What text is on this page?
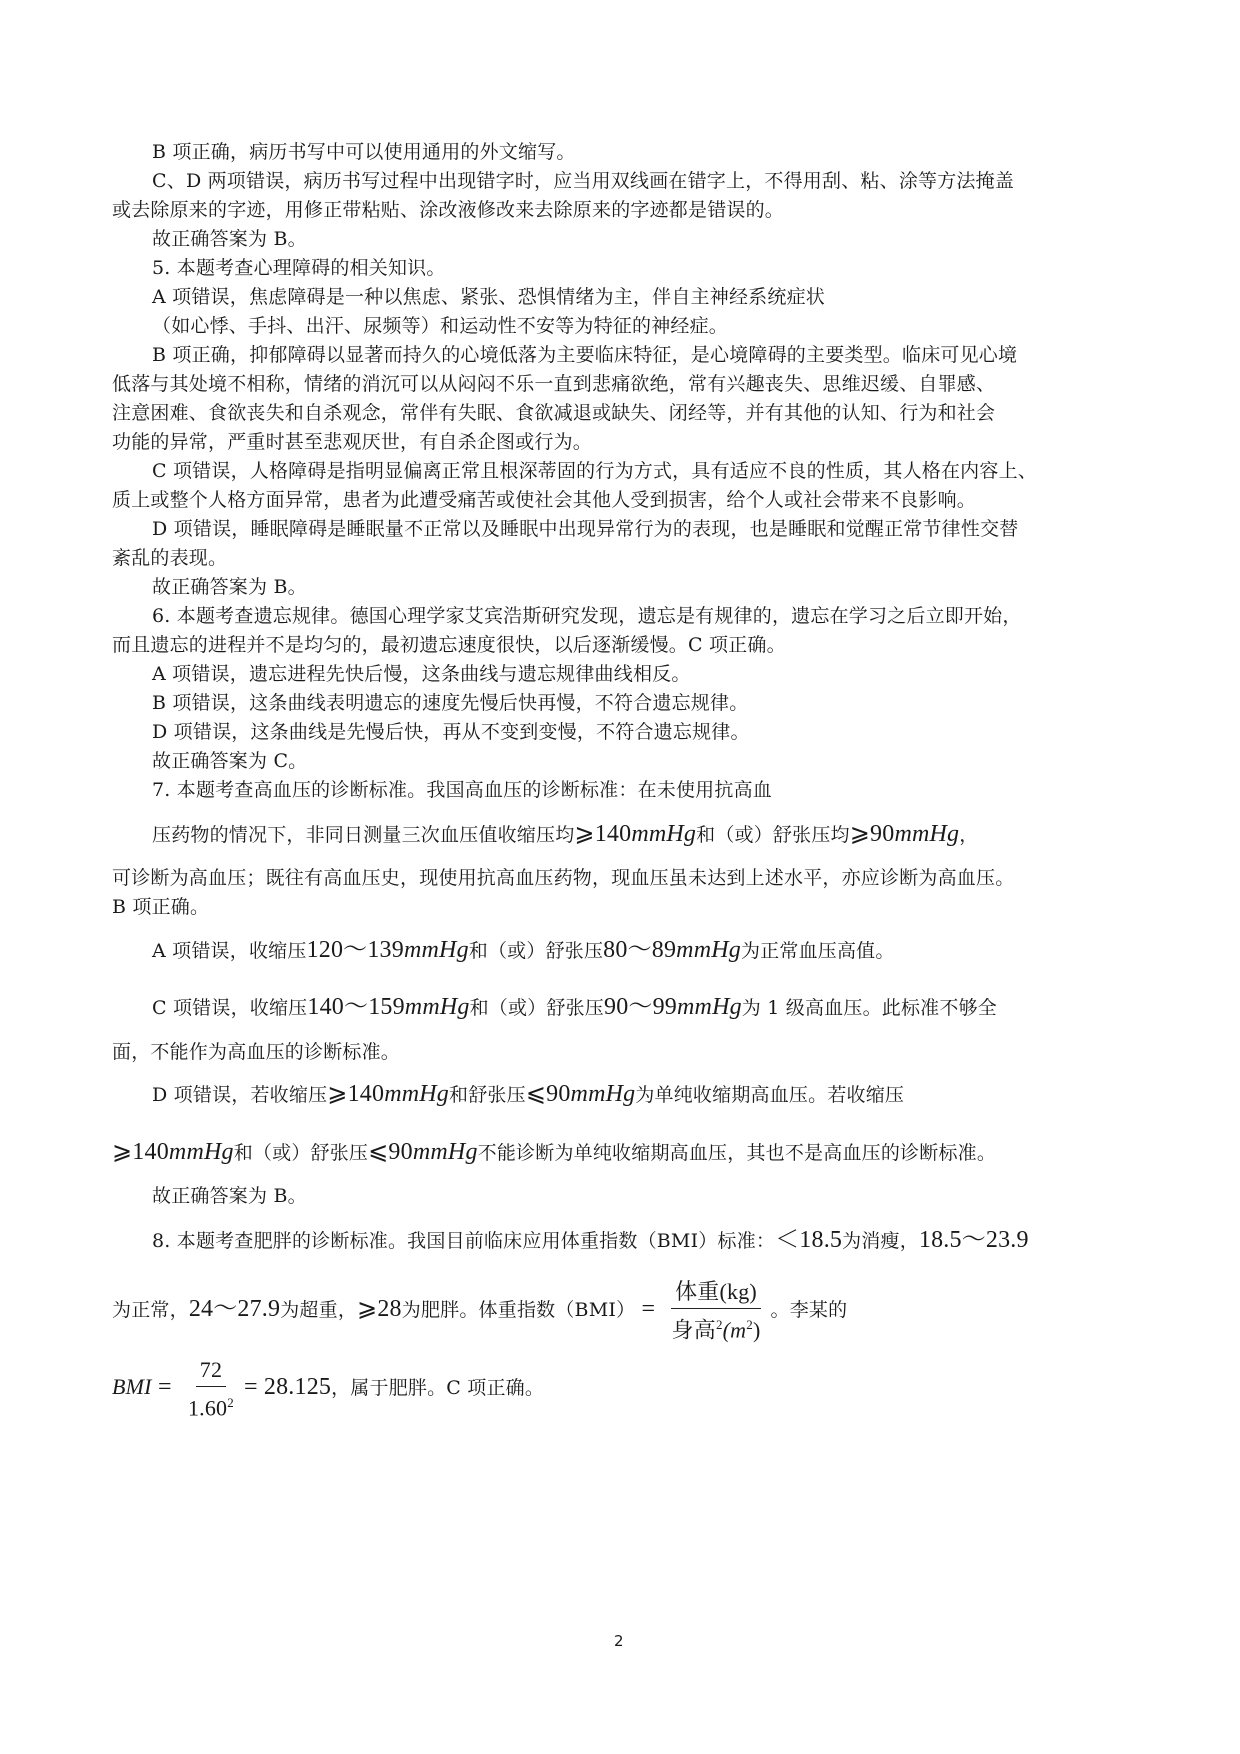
B 项正确，病历书写中可以使用通用的外文缩写。
C、D 两项错误，病历书写过程中出现错字时，应当用双线画在错字上，不得用刮、粘、涂等方法掩盖
或去除原来的字迹，用修正带粘贴、涂改液修改来去除原来的字迹都是错误的。
故正确答案为 B。
5. 本题考查心理障碍的相关知识。
A 项错误，焦虑障碍是一种以焦虑、紧张、恐惧情绪为主，伴自主神经系统症状
（如心悸、手抖、出汗、尿频等）和运动性不安等为特征的神经症。
B 项正确，抑郁障碍以显著而持久的心境低落为主要临床特征，是心境障碍的主要类型。临床可见心境
低落与其处境不相称，情绪的消沉可以从闷闷不乐一直到悲痛欲绝，常有兴趣丧失、思维迟缓、自罪感、
注意困难、食欲丧失和自杀观念，常伴有失眠、食欲减退或缺失、闭经等，并有其他的认知、行为和社会
功能的异常，严重时甚至悲观厌世，有自杀企图或行为。
C 项错误，人格障碍是指明显偏离正常且根深蒂固的行为方式，具有适应不良的性质，其人格在内容上、
质上或整个人格方面异常，患者为此遭受痛苦或使社会其他人受到损害，给个人或社会带来不良影响。
D 项错误，睡眠障碍是睡眠量不正常以及睡眠中出现异常行为的表现，也是睡眠和觉醒正常节律性交替
紊乱的表现。
故正确答案为 B。
6. 本题考查遗忘规律。德国心理学家艾宾浩斯研究发现，遗忘是有规律的，遗忘在学习之后立即开始，
而且遗忘的进程并不是均匀的，最初遗忘速度很快，以后逐渐缓慢。C 项正确。
A 项错误，遗忘进程先快后慢，这条曲线与遗忘规律曲线相反。
B 项错误，这条曲线表明遗忘的速度先慢后快再慢，不符合遗忘规律。
D 项错误，这条曲线是先慢后快，再从不变到变慢，不符合遗忘规律。
故正确答案为 C。
7. 本题考查高血压的诊断标准。我国高血压的诊断标准：在未使用抗高血
压药物的情况下，非同日测量三次血压值收缩压均⩾140mmHg和（或）舒张压均⩾90mmHg，
可诊断为高血压；既往有高血压史，现使用抗高血压药物，现血压虽未达到上述水平，亦应诊断为高血压。
B 项正确。
A 项错误，收缩压120～139mmHg和（或）舒张压80～89mmHg为正常血压高值。
C 项错误，收缩压140～159mmHg和（或）舒张压90～99mmHg为 1 级高血压。此标准不够全
面，不能作为高血压的诊断标准。
D 项错误，若收缩压⩾140mmHg和舒张压⩽90mmHg为单纯收缩期高血压。若收缩压
⩾140mmHg和（或）舒张压⩽90mmHg不能诊断为单纯收缩期高血压，其也不是高血压的诊断标准。
故正确答案为 B。
8. 本题考查肥胖的诊断标准。我国目前临床应用体重指数（BMI）标准：＜18.5为消瘦，18.5～23.9
为正常，24～27.9为超重，⩾28为肥胖。体重指数$(BMI) = \frac{\text{体重(kg)}}{身高^2(m^2)}$ 。李某的
BMI = $\frac{72}{1.60^2} = 28.125$，属于肥胖。C 项正确。
2
